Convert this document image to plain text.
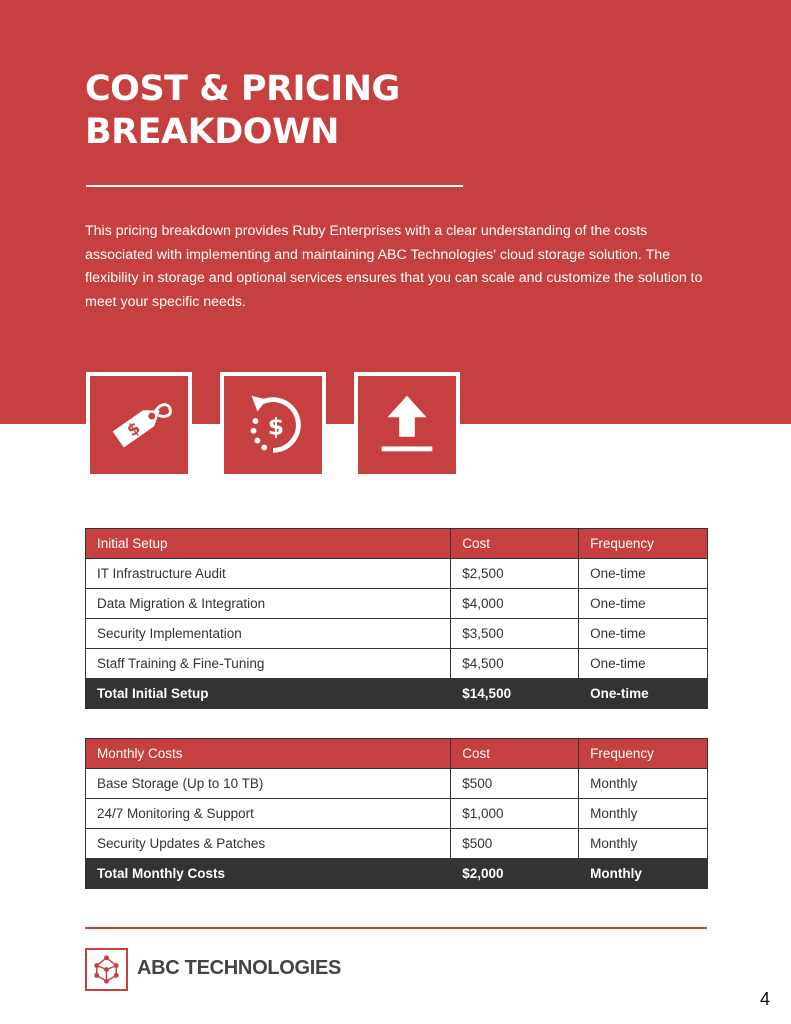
COST & PRICING BREAKDOWN

This pricing breakdown provides Ruby Enterprises with a clear understanding of the costs associated with implementing and maintaining ABC Technologies' cloud storage solution. The flexibility in storage and optional services ensures that you can scale and customize the solution to meet your specific needs.

$	$
Initial Setup	Cost	Frequency
IT Infrastructure Audit	$2,500	One-time
Data Migration & Integration	$4,000	One-time
Security Implementation	$3,500	One-time
Staff Training & Fine-Tuning	$4,500	One-time
Total Initial Setup	$14,500	One-time
Monthly Costs	Cost	Frequency
Base Storage (Up to 10 TB)	$500	Monthly
24/7 Monitoring & Support	$1,000	Monthly
Security Updates & Patches	$500	Monthly
Total Monthly Costs	$2,000	Monthly
ABC TECHNOLOGIES
4
